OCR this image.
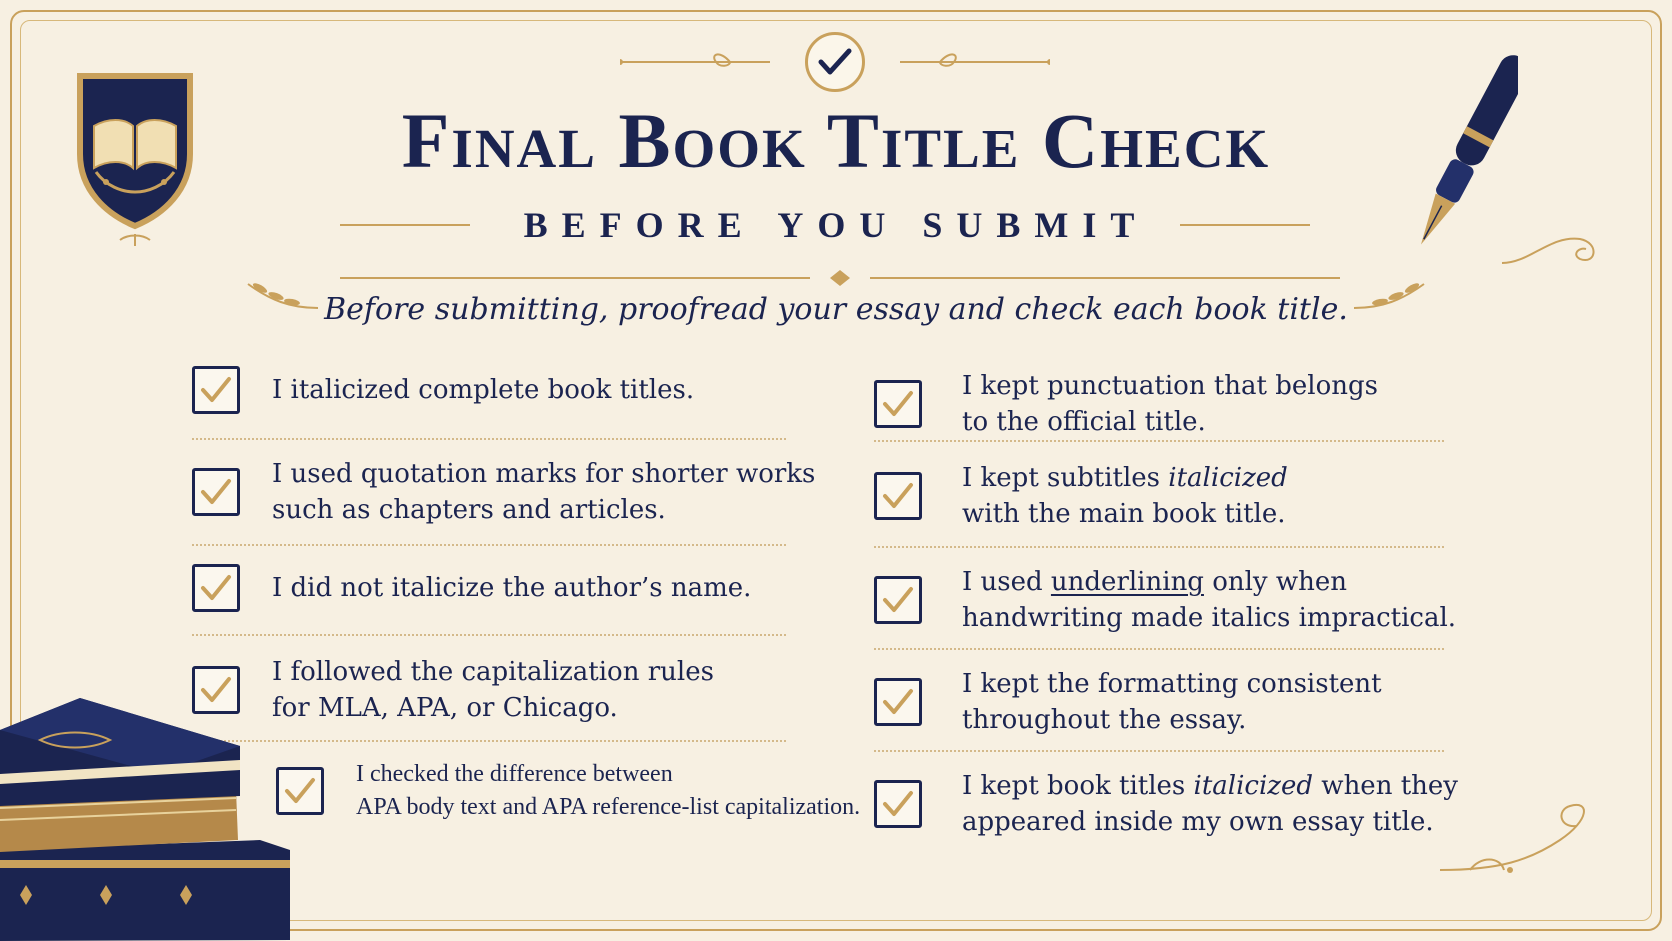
Final Book Title Check
BEFORE YOU SUBMIT
Before submitting, proofread your essay and check each book title.
I italicized complete book titles.
I used quotation marks for shorter works
such as chapters and articles.
I did not italicize the author’s name.
I followed the capitalization rules
for MLA, APA, or Chicago.
I checked the difference between
APA body text and APA reference-list capitalization.
I kept punctuation that belongs
to the official title.
I kept subtitles italicized
with the main book title.
I used underlining only when
handwriting made italics impractical.
I kept the formatting consistent
throughout the essay.
I kept book titles italicized when they
appeared inside my own essay title.
